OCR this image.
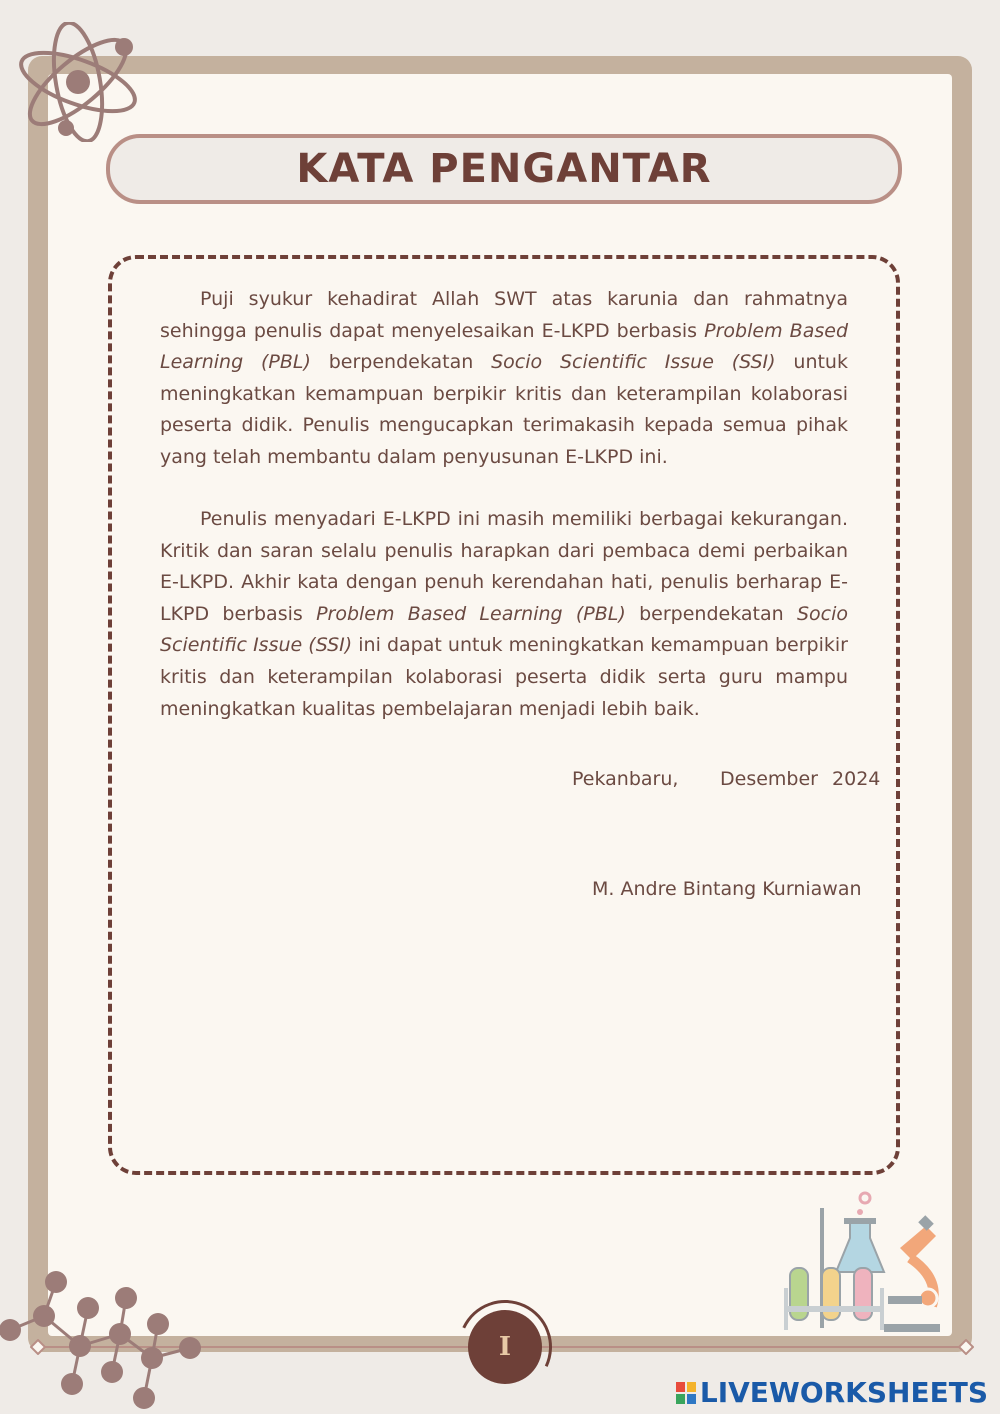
KATA PENGANTAR
Puji syukur kehadirat Allah SWT atas karunia dan rahmatnya sehingga penulis dapat menyelesaikan E-LKPD berbasis Problem Based Learning (PBL) berpendekatan Socio Scientific Issue (SSI) untuk meningkatkan kemampuan berpikir kritis dan keterampilan kolaborasi peserta didik. Penulis mengucapkan terimakasih kepada semua pihak yang telah membantu dalam penyusunan E-LKPD ini.
Penulis menyadari E-LKPD ini masih memiliki berbagai kekurangan. Kritik dan saran selalu penulis harapkan dari pembaca demi perbaikan E-LKPD. Akhir kata dengan penuh kerendahan hati, penulis berharap E-LKPD berbasis Problem Based Learning (PBL) berpendekatan Socio Scientific Issue (SSI) ini dapat untuk meningkatkan kemampuan berpikir kritis dan keterampilan kolaborasi peserta didik serta guru mampu meningkatkan kualitas pembelajaran menjadi lebih baik.
Pekanbaru, Desember 2024
M. Andre Bintang Kurniawan
I
LIVEWORKSHEETS
